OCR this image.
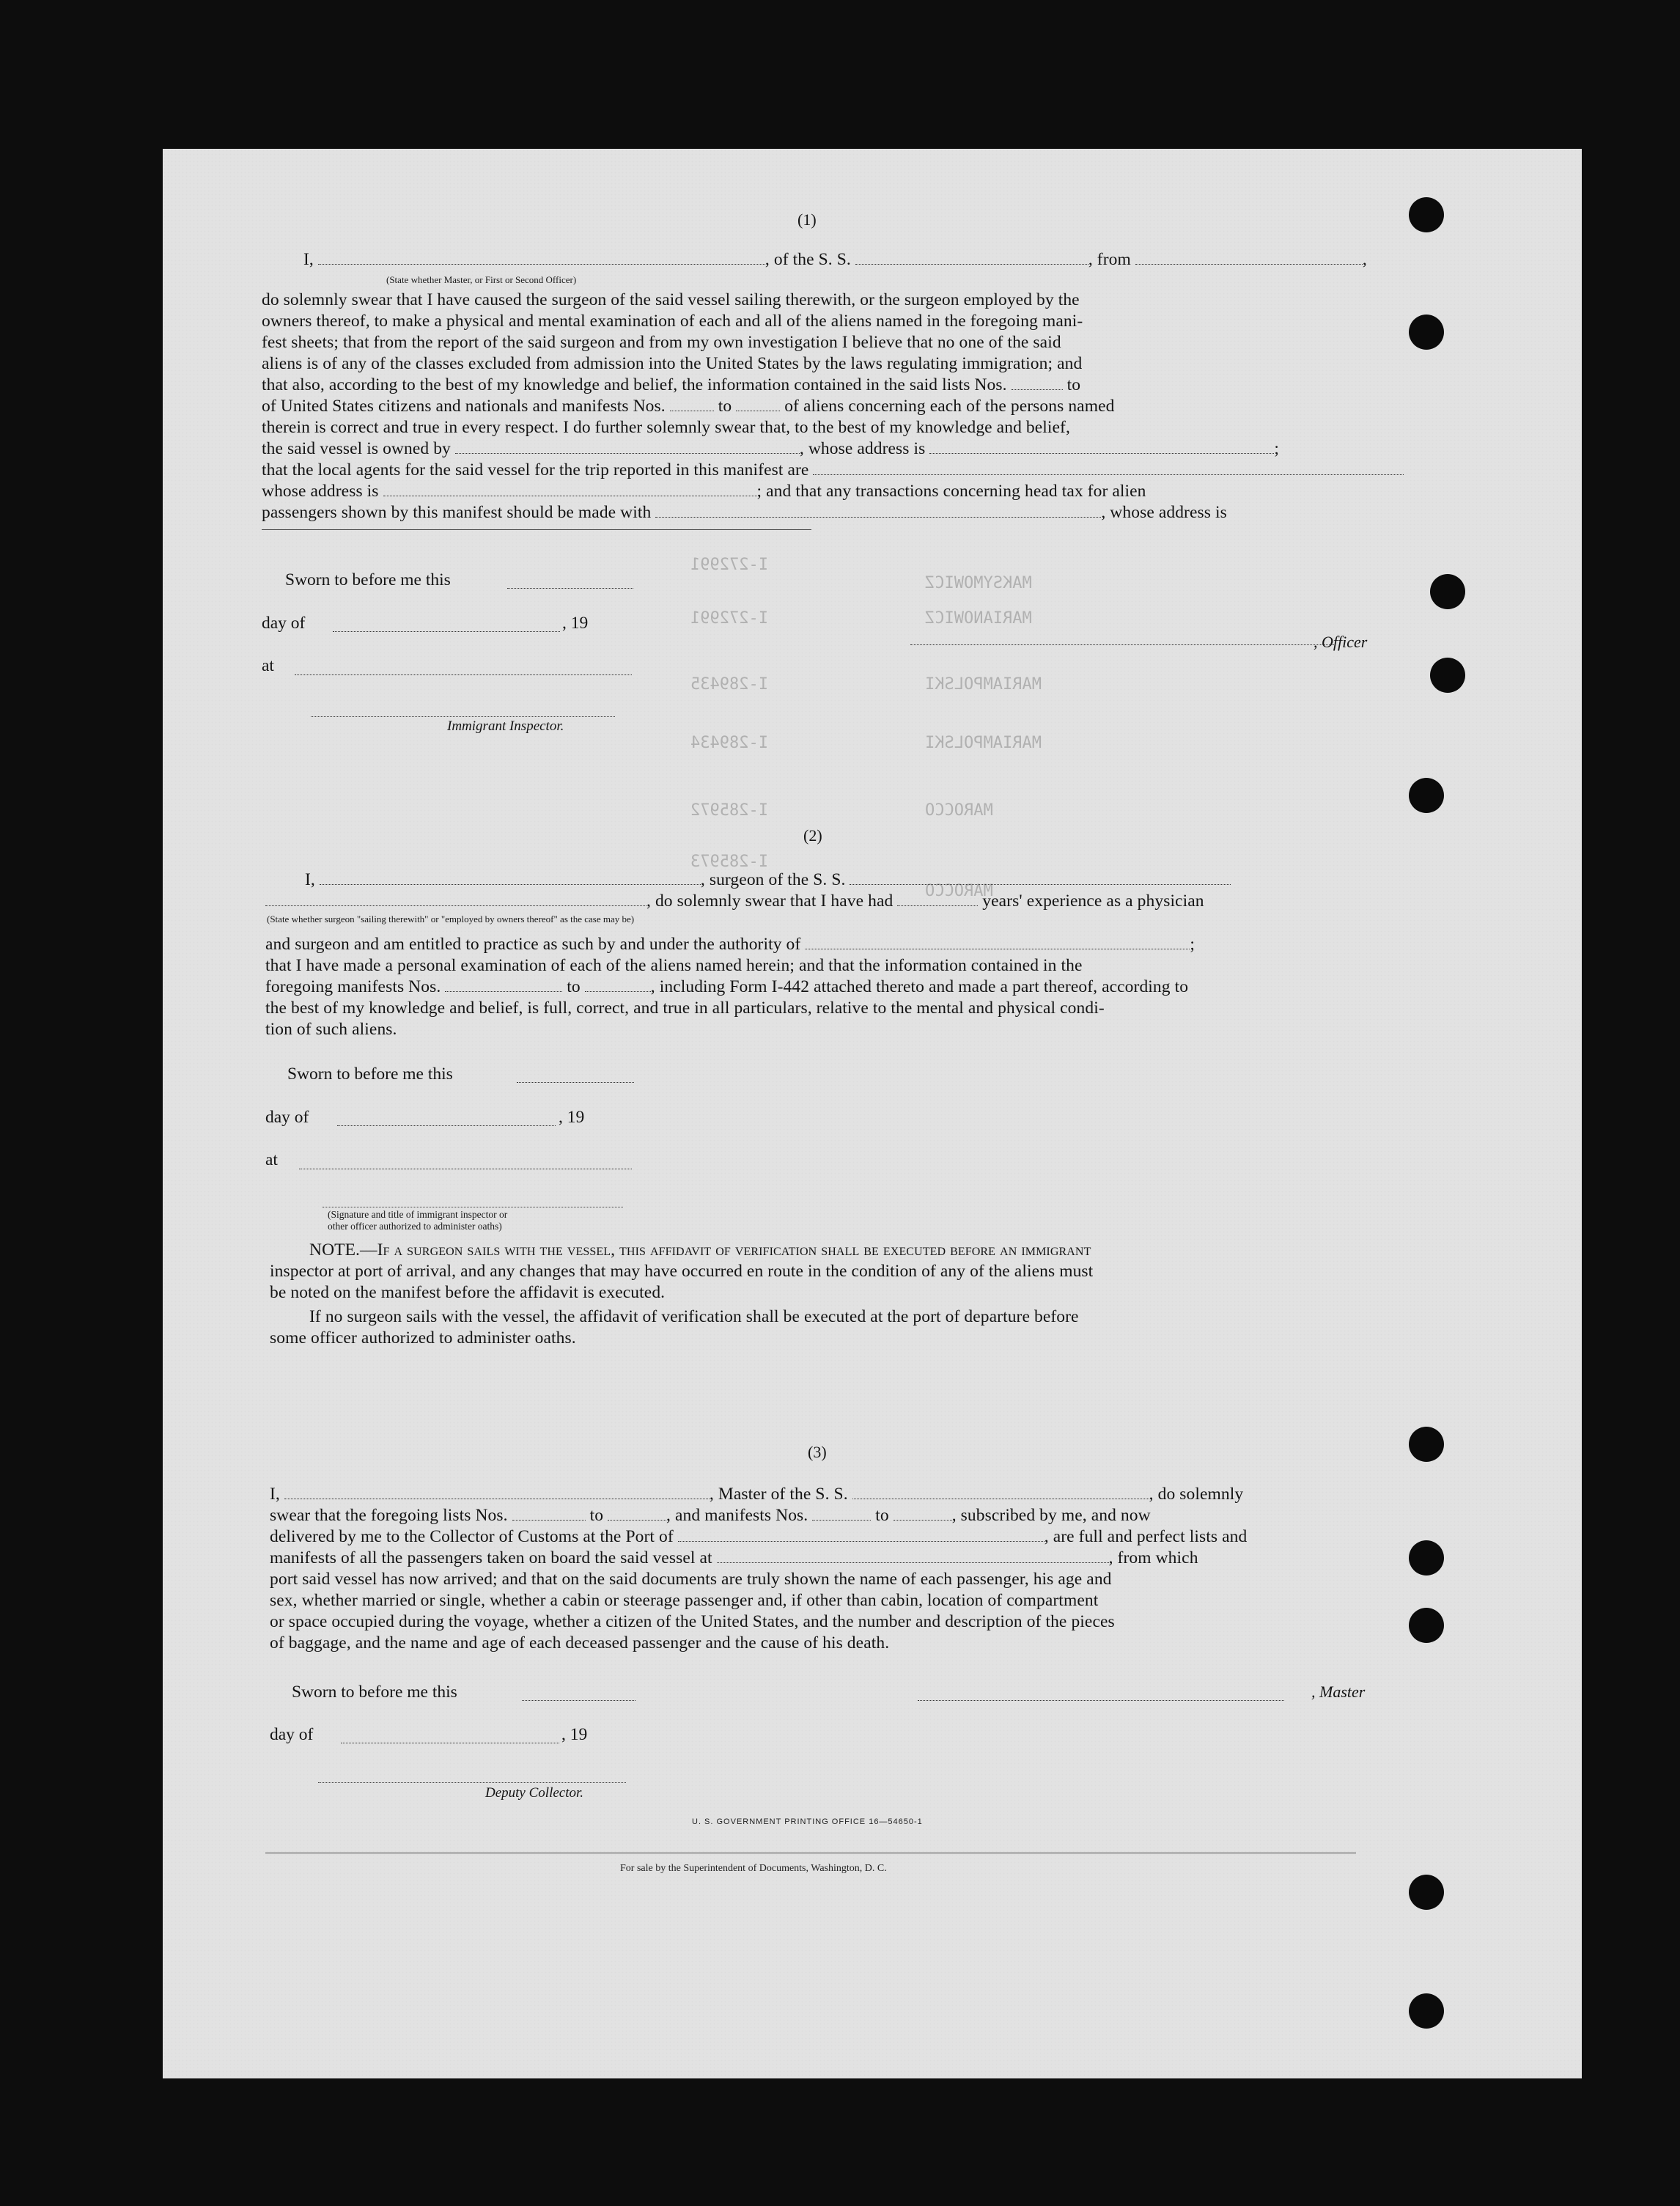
MAKSYMOWICZ
I-272991
MARIANOWICZ
I-272991
MARIAMPOLSKI
I-289435
MARIAMPOLSKI
I-289434
MAROCCO
I-285972
MAROCCO
I-285973
(1)
I,	, of the S. S.	, from	,
(State whether Master, or First or Second Officer)
do solemnly swear that I have caused the surgeon of the said vessel sailing therewith, or the surgeon employed by the
owners thereof, to make a physical and mental examination of each and all of the aliens named in the foregoing mani-
fest sheets; that from the report of the said surgeon and from my own investigation I believe that no one of the said
aliens is of any of the classes excluded from admission into the United States by the laws regulating immigration; and
that also, according to the best of my knowledge and belief, the information contained in the said lists Nos.	to
of United States citizens and nationals and manifests Nos.	to	of aliens concerning each of the persons named
therein is correct and true in every respect. I do further solemnly swear that, to the best of my knowledge and belief,
the said vessel is owned by	, whose address is	;
that the local agents for the said vessel for the trip reported in this manifest are
whose address is	; and that any transactions concerning head tax for alien
passengers shown by this manifest should be made with	, whose address is
Sworn to before me this
day of	, 19
at
, Officer
Immigrant Inspector.
(2)
I,	, surgeon of the S. S.
, do solemnly swear that I have had	years' experience as a physician
(State whether surgeon "sailing therewith" or "employed by owners thereof" as the case may be)
and surgeon and am entitled to practice as such by and under the authority of	;
that I have made a personal examination of each of the aliens named herein; and that the information contained in the
foregoing manifests Nos.	to	, including Form I-442 attached thereto and made a part thereof, according to
the best of my knowledge and belief, is full, correct, and true in all particulars, relative to the mental and physical condi-
tion of such aliens.
Sworn to before me this
day of	, 19
at
(Signature and title of immigrant inspector or
other officer authorized to administer oaths)
NOTE.—If a surgeon sails with the vessel, this affidavit of verification shall be executed before an immigrant
inspector at port of arrival, and any changes that may have occurred en route in the condition of any of the aliens must
be noted on the manifest before the affidavit is executed.
If no surgeon sails with the vessel, the affidavit of verification shall be executed at the port of departure before
some officer authorized to administer oaths.
(3)
I,	, Master of the S. S.	, do solemnly
swear that the foregoing lists Nos.	to	, and manifests Nos.	to	, subscribed by me, and now
delivered by me to the Collector of Customs at the Port of	, are full and perfect lists and
manifests of all the passengers taken on board the said vessel at	, from which
port said vessel has now arrived; and that on the said documents are truly shown the name of each passenger, his age and
sex, whether married or single, whether a cabin or steerage passenger and, if other than cabin, location of compartment
or space occupied during the voyage, whether a citizen of the United States, and the number and description of the pieces
of baggage, and the name and age of each deceased passenger and the cause of his death.
Sworn to before me this	, Master
day of	, 19
Deputy Collector.
U. S. GOVERNMENT PRINTING OFFICE 16—54650-1
For sale by the Superintendent of Documents, Washington, D. C.
